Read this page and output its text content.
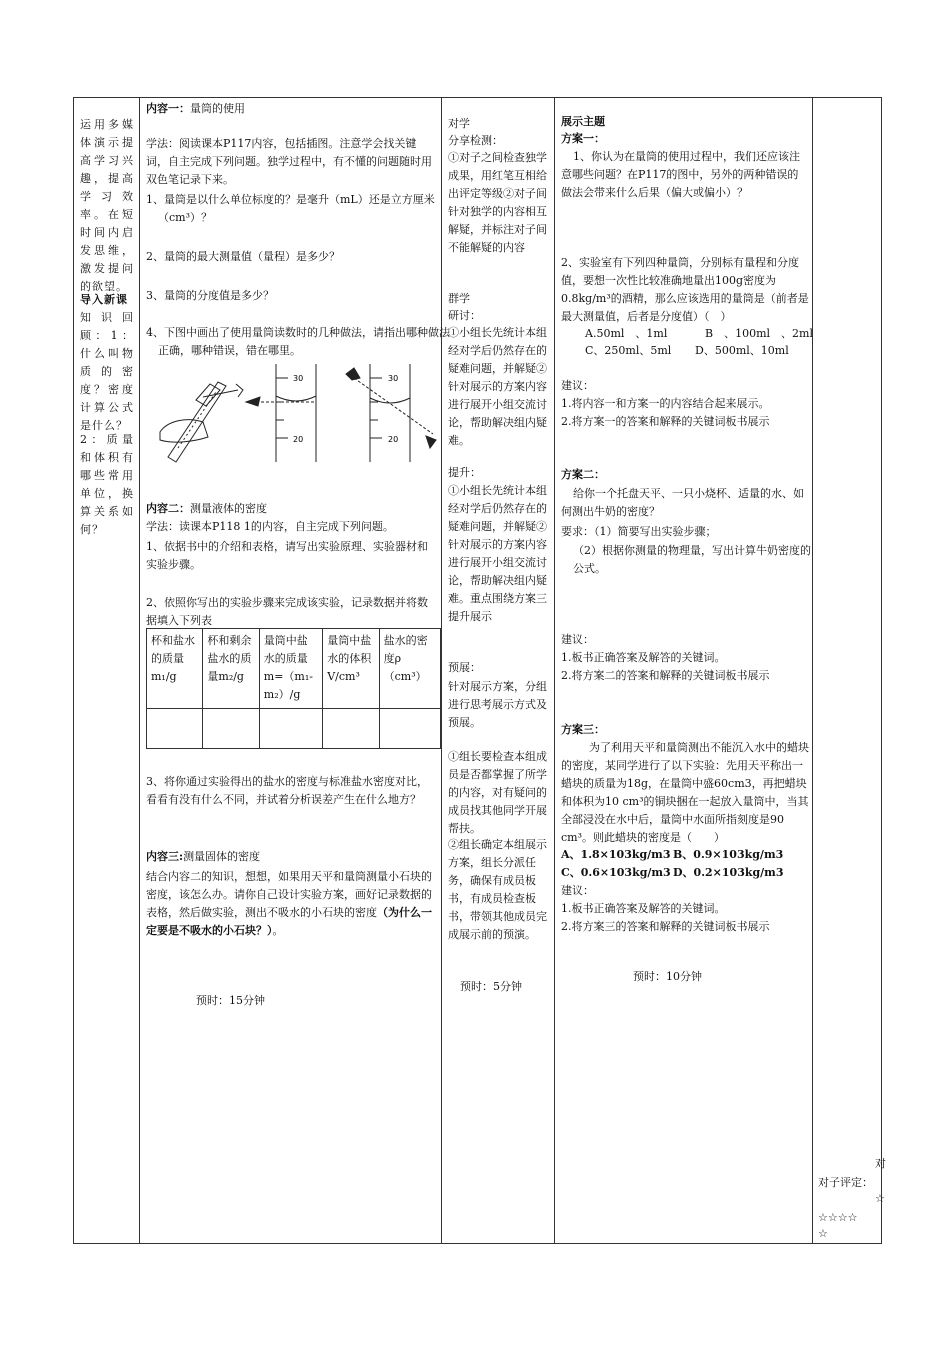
运用多媒体演示提高学习兴趣，提高学习效率。在短时间内启发思维，激发提问的欲望。
导入新课
知识回顾：1：什么叫物质的密度？密度计算公式是什么？
2：质量和体积有哪些常用单位，换算关系如何？
内容一：量筒的使用
学法：阅读课本P117内容，包括插图。注意学会找关键词，自主完成下列问题。独学过程中，有不懂的问题随时用双色笔记录下来。
1、量筒是以什么单位标度的？是毫升（mL）还是立方厘米（cm³）？
2、量筒的最大测量值（量程）是多少？
3、量筒的分度值是多少？
4、下图中画出了使用量筒读数时的几种做法，请指出哪种做法正确，哪种错误，错在哪里。
30
20
30
20
内容二：测量液体的密度
学法：读课本P118 1的内容，自主完成下列问题。
1、依据书中的介绍和表格，请写出实验原理、实验器材和实验步骤。
2、依照你写出的实验步骤来完成该实验，记录数据并将数据填入下列表
杯和盐水的质量m₁/g	杯和剩余盐水的质量m₂/g	量筒中盐水的质量m=（m₁-m₂）/g	量筒中盐水的体积V/cm³	盐水的密度ρ（cm³）

3、将你通过实验得出的盐水的密度与标准盐水密度对比，看看有没有什么不同，并试着分析误差产生在什么地方？
内容三:测量固体的密度
结合内容二的知识，想想，如果用天平和量筒测量小石块的密度，该怎么办。请你自己设计实验方案，画好记录数据的表格，然后做实验，测出不吸水的小石块的密度（为什么一定要是不吸水的小石块？）。
预时：15分钟
对学
分享检测：
①对子之间检查独学成果，用红笔互相给出评定等级②对子间针对独学的内容相互解疑，并标注对子间不能解疑的内容
群学
研讨：
①小组长先统计本组经对学后仍然存在的疑难问题，并解疑②针对展示的方案内容进行展开小组交流讨论，帮助解决组内疑难。
提升：
①小组长先统计本组经对学后仍然存在的疑难问题，并解疑②针对展示的方案内容进行展开小组交流讨论，帮助解决组内疑难。重点围绕方案三提升展示
预展：
针对展示方案，分组进行思考展示方式及预展。
①组长要检查本组成员是否都掌握了所学的内容，对有疑问的成员找其他同学开展帮扶。
②组长确定本组展示方案，组长分派任务，确保有成员板书，有成员检查板书，带领其他成员完成展示前的预演。
预时：5分钟
展示主题
方案一：
1、你认为在量筒的使用过程中，我们还应该注意哪些问题？在P117的图中，另外的两种错误的做法会带来什么后果（偏大或偏小）？
2、实验室有下列四种量筒，分别标有量程和分度值，要想一次性比较准确地量出100g密度为0.8kg/m³的酒精，那么应该选用的量筒是（前者是最大测量值，后者是分度值）（　）
A.50ml　、1ml	B　、100ml　、2ml
C、250ml、5ml	D、500ml、10ml
建议：
1.将内容一和方案一的内容结合起来展示。
2.将方案一的答案和解释的关键词板书展示
方案二：
给你一个托盘天平、一只小烧杯、适量的水、如何测出牛奶的密度？
要求：（1）简要写出实验步骤；
（2）根据你测量的物理量，写出计算牛奶密度的公式。
建议：
1.板书正确答案及解答的关键词。
2.将方案二的答案和解释的关键词板书展示
方案三：
为了利用天平和量筒测出不能沉入水中的蜡块的密度，某同学进行了以下实验：先用天平称出一蜡块的质量为18g，在量筒中盛60cm3，再把蜡块和体积为10 cm³的铜块捆在一起放入量筒中，当其全部浸没在水中后，量筒中水面所指刻度是90 cm³。则此蜡块的密度是（　　）
A、1.8×103kg/m3 B、0.9×103kg/m3
C、0.6×103kg/m3 D、0.2×103kg/m3
建议：
1.板书正确答案及解答的关键词。
2.将方案三的答案和解释的关键词板书展示
预时：10分钟
对
对子评定：
☆
☆☆☆☆
☆
